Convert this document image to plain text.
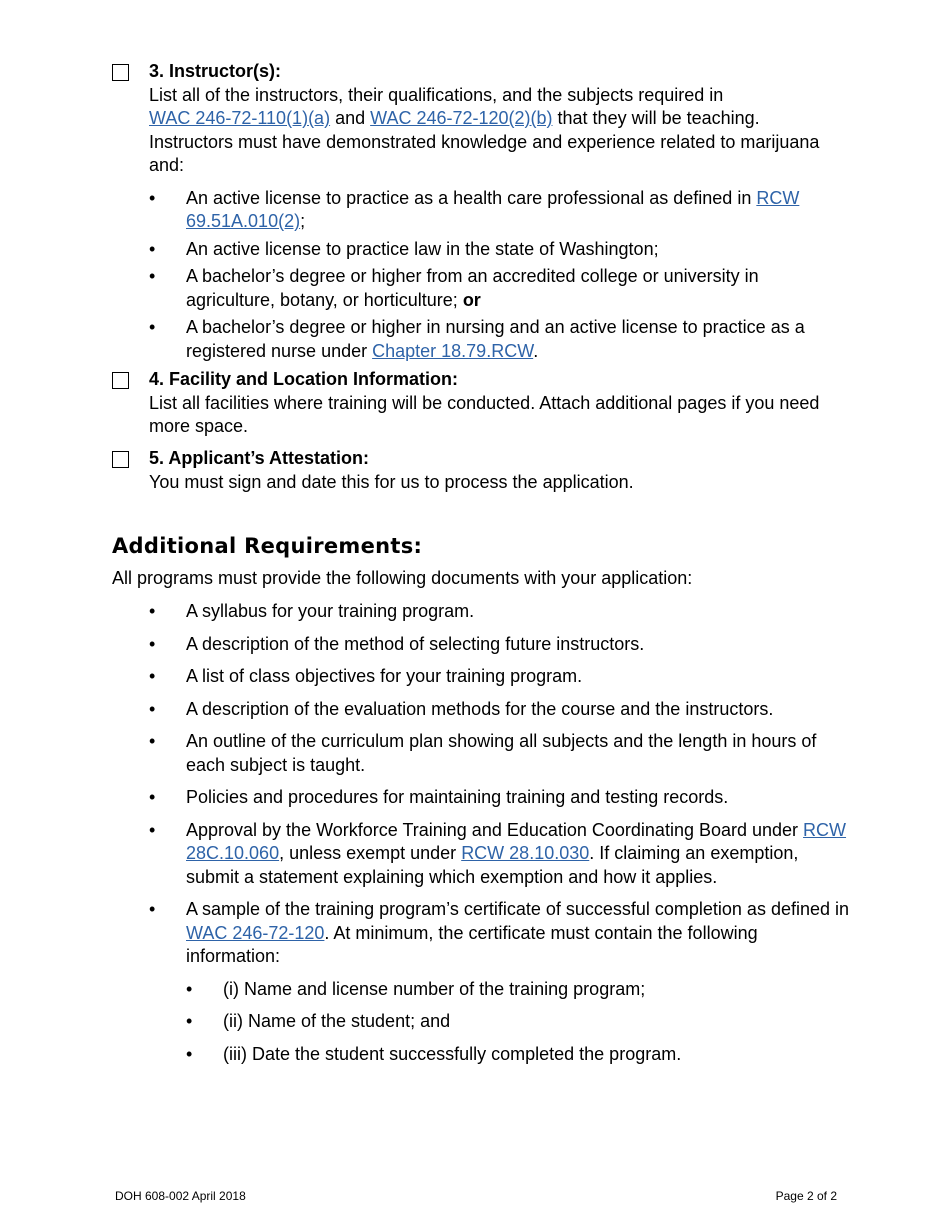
3. Instructor(s):
List all of the instructors, their qualifications, and the subjects required in
WAC 246-72-110(1)(a) and WAC 246-72-120(2)(b) that they will be teaching.
Instructors must have demonstrated knowledge and experience related to marijuana and:
• An active license to practice as a health care professional as defined in RCW 69.51A.010(2);
• An active license to practice law in the state of Washington;
• A bachelor’s degree or higher from an accredited college or university in agriculture, botany, or horticulture; or
• A bachelor’s degree or higher in nursing and an active license to practice as a registered nurse under Chapter 18.79.RCW.
4. Facility and Location Information:
List all facilities where training will be conducted. Attach additional pages if you need more space.
5. Applicant’s Attestation:
You must sign and date this for us to process the application.
Additional Requirements:
All programs must provide the following documents with your application:
• A syllabus for your training program.
• A description of the method of selecting future instructors.
• A list of class objectives for your training program.
• A description of the evaluation methods for the course and the instructors.
• An outline of the curriculum plan showing all subjects and the length in hours of each subject is taught.
• Policies and procedures for maintaining training and testing records.
• Approval by the Workforce Training and Education Coordinating Board under RCW 28C.10.060, unless exempt under RCW 28.10.030. If claiming an exemption, submit a statement explaining which exemption and how it applies.
• A sample of the training program’s certificate of successful completion as defined in WAC 246-72-120. At minimum, the certificate must contain the following information:
• (i) Name and license number of the training program;
• (ii) Name of the student; and
• (iii) Date the student successfully completed the program.
DOH 608-002 April 2018	Page 2 of 2
